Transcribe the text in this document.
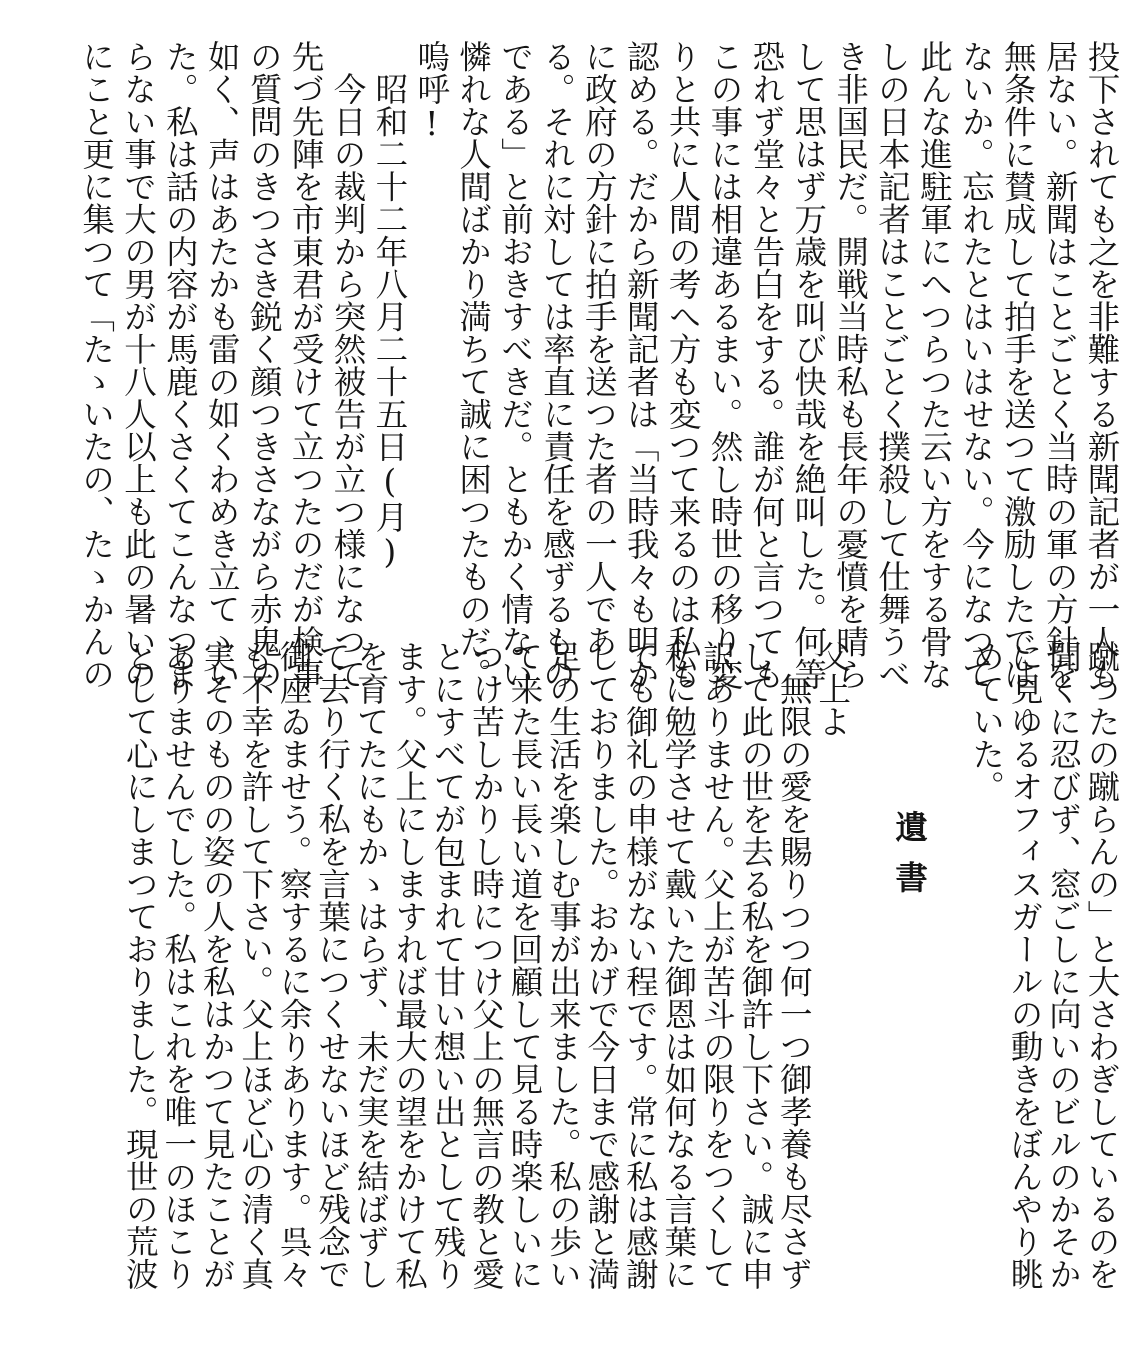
投下されても之を非難する新聞記者が一人も
居ない。新聞はことごとく当時の軍の方針を
無条件に賛成して拍手を送つて激励したでは
ないか。忘れたとはいはせない。今になつて
此んな進駐軍にへつらつた云い方をする骨な
しの日本記者はことごとく撲殺して仕舞うべ
き非国民だ。開戦当時私も長年の憂憤を晴ら
して思はず万歳を叫び快哉を絶叫した。何等
恐れず堂々と告白をする。誰が何と言つても
この事には相違あるまい。然し時世の移り変
りと共に人間の考へ方も変つて来るのは私も
認める。だから新聞記者は「当時我々も明か
に政府の方針に拍手を送つた者の一人であ
る。それに対しては率直に責任を感ずるもの
である」と前おきすべきだ。ともかく情ない
憐れな人間ばかり満ちて誠に困つたものだ。
嗚呼!
　昭和二十二年八月二十五日(月)
　今日の裁判から突然被告が立つ様になつて
先づ先陣を市東君が受けて立つたのだが検事
の質問のきつさき鋭く顔つきさながら赤鬼の
如く、声はあたかも雷の如くわめき立てゝい
た。私は話の内容が馬鹿くさくてこんなつま
らない事で大の男が十八人以上も此の暑いの
にこと更に集つて「たゝいたの、たゝかんの
蹴つたの蹴らんの」と大さわぎしているのを
聞くに忍びず、窓ごしに向いのビルのかそか
に見ゆるオフィスガールの動きをぼんやり眺
めていた。
遺書
父上よ
　無限の愛を賜りつつ何一つ御孝養も尽さず
して此の世を去る私を御許し下さい。誠に申
訳ありません。父上が苦斗の限りをつくして
私に勉学させて戴いた御恩は如何なる言葉に
ても御礼の申様がない程です。常に私は感謝
しておりました。おかげで今日まで感謝と満
足の生活を楽しむ事が出来ました。私の歩い
て来た長い長い道を回顧して見る時楽しいに
つけ苦しかりし時につけ父上の無言の教と愛
とにすべてが包まれて甘い想い出として残り
ます。父上にしますれば最大の望をかけて私
を育てたにもかゝはらず、未だ実を結ばずし
て去り行く私を言葉につくせないほど残念で
御座ゐませう。察するに余りあります。呉々
も不幸を許して下さい。父上ほど心の清く真
実そのものの姿の人を私はかつて見たことが
ありませんでした。私はこれを唯一のほこり
として心にしまつておりました。現世の荒波
